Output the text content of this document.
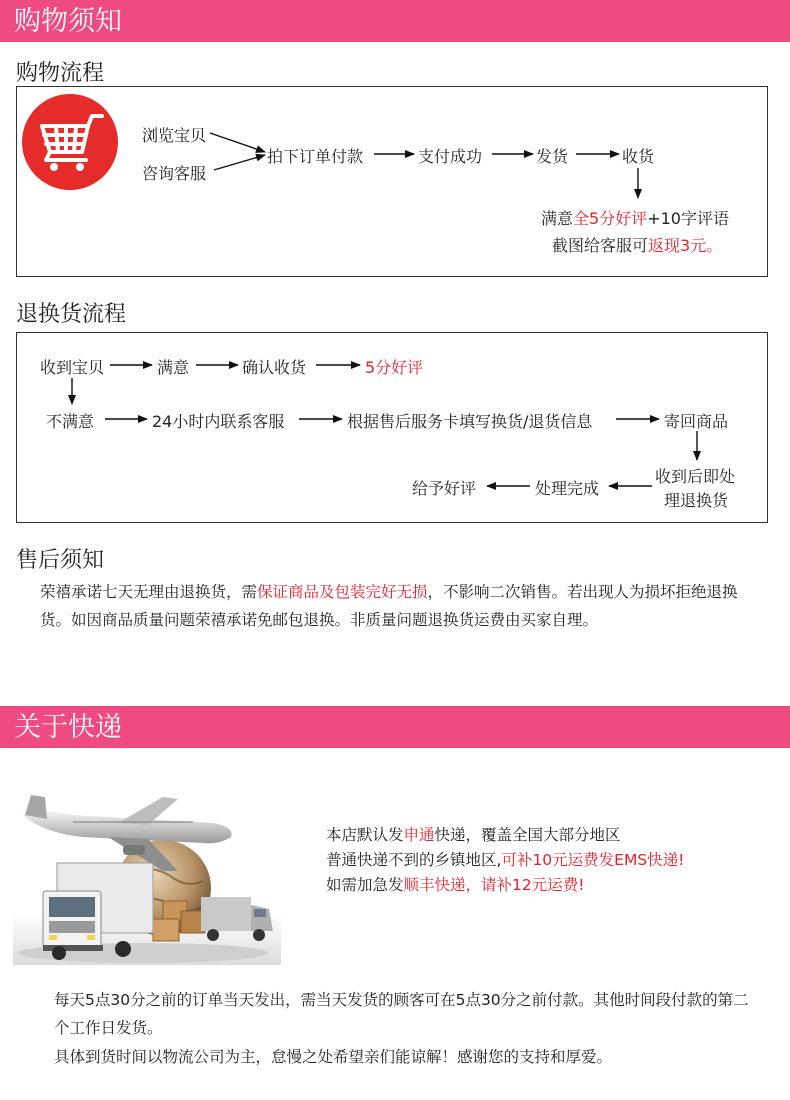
购物须知
购物流程
浏览宝贝
咨询客服
拍下订单付款	支付成功	发货	收货
满意全5分好评+10字评语
截图给客服可返现3元。
退换货流程
收到宝贝	满意	确认收货	5分好评
不满意	24小时内联系客服	根据售后服务卡填写换货/退货信息	寄回商品
收到后即处
理退换货
处理完成
给予好评
售后须知
荣禧承诺七天无理由退换货，需保证商品及包装完好无损，不影响二次销售。若出现人为损坏拒绝退换货。如因商品质量问题荣禧承诺免邮包退换。非质量问题退换货运费由买家自理。
关于快递
本店默认发申通快递，覆盖全国大部分地区
普通快递不到的乡镇地区,可补10元运费发EMS快递!
如需加急发顺丰快递，请补12元运费!
每天5点30分之前的订单当天发出，需当天发货的顾客可在5点30分之前付款。其他时间段付款的第二个工作日发货。
具体到货时间以物流公司为主，怠慢之处希望亲们能谅解！感谢您的支持和厚爱。
